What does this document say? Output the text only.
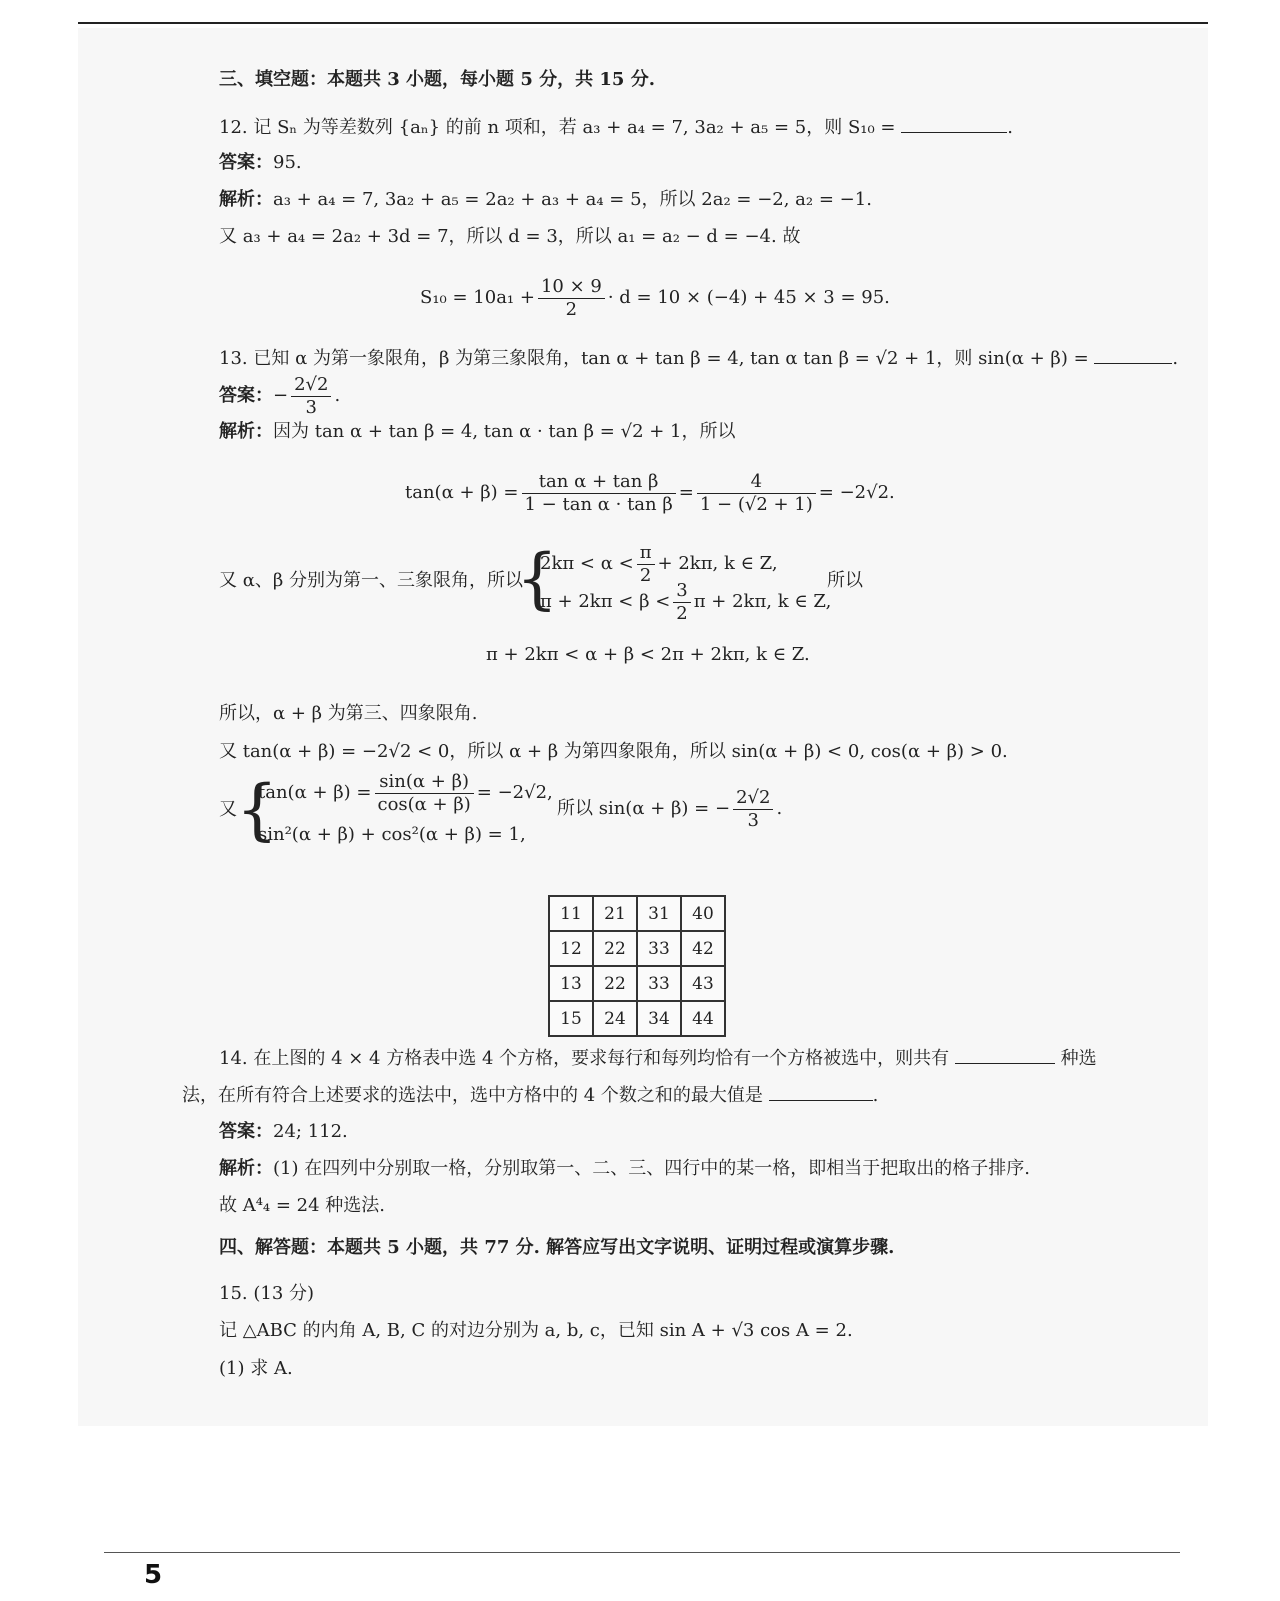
三、填空题：本题共 3 小题，每小题 5 分，共 15 分.
12. 记 Sₙ 为等差数列 {aₙ} 的前 n 项和，若 a₃ + a₄ = 7, 3a₂ + a₅ = 5，则 S₁₀ =	.
答案：95.
解析：a₃ + a₄ = 7, 3a₂ + a₅ = 2a₂ + a₃ + a₄ = 5，所以 2a₂ = −2, a₂ = −1.
又 a₃ + a₄ = 2a₂ + 3d = 7，所以 d = 3，所以 a₁ = a₂ − d = −4. 故
$S_{10} = 10a_1 + \frac{10 \times 9}{2} \cdot d = 10 \times (-4) + 45 \times 3 = 95$.
13. 已知 α 为第一象限角，β 为第三象限角，tan α + tan β = 4, tan α tan β = √2 + 1，则 sin(α + β) =	.
答案： − $\frac{2√2}{3}$ .
解析：因为 tan α + tan β = 4, tan α · tan β = √2 + 1，所以
$\tan(\alpha + \beta) = \frac{\text{tan α + tan β}}{\text{1 − tan α · tan β}} = \frac{4}{1 - (√2 + 1)} = -2√2$.
又 α、β 分别为第一、三象限角，所以
{
$2k\pi < \alpha < \frac{\pi}{2} + 2k\pi$, k ∈ Z,
$\pi + 2k\pi < \beta < \frac{3}{2}$ π + 2kπ, k ∈ Z,
所以
π + 2kπ < α + β < 2π + 2kπ, k ∈ Z.
所以，α + β 为第三、四象限角.
又 tan(α + β) = −2√2 < 0，所以 α + β 为第四象限角，所以 sin(α + β) < 0, cos(α + β) > 0.
又 {
$\tan(\alpha + \beta) = \frac{\sin(\alpha + \beta)}{\cos(\alpha + \beta)} = -2√2$,
sin²(α + β) + cos²(α + β) = 1,
所以 sin(α + β) = − $\frac{2√2}{3}$ .
11	21	31	40
12	22	33	42
13	22	33	43
15	24	34	44
14. 在上图的 4 × 4 方格表中选 4 个方格，要求每行和每列均恰有一个方格被选中，则共有	种选
法，在所有符合上述要求的选法中，选中方格中的 4 个数之和的最大值是	.
答案：24; 112.
解析：(1) 在四列中分别取一格，分别取第一、二、三、四行中的某一格，即相当于把取出的格子排序.
故 A⁴₄ = 24 种选法.
四、解答题：本题共 5 小题，共 77 分. 解答应写出文字说明、证明过程或演算步骤.
15. (13 分)
记 △ABC 的内角 A, B, C 的对边分别为 a, b, c，已知 sin A + √3 cos A = 2.
(1) 求 A.
5
